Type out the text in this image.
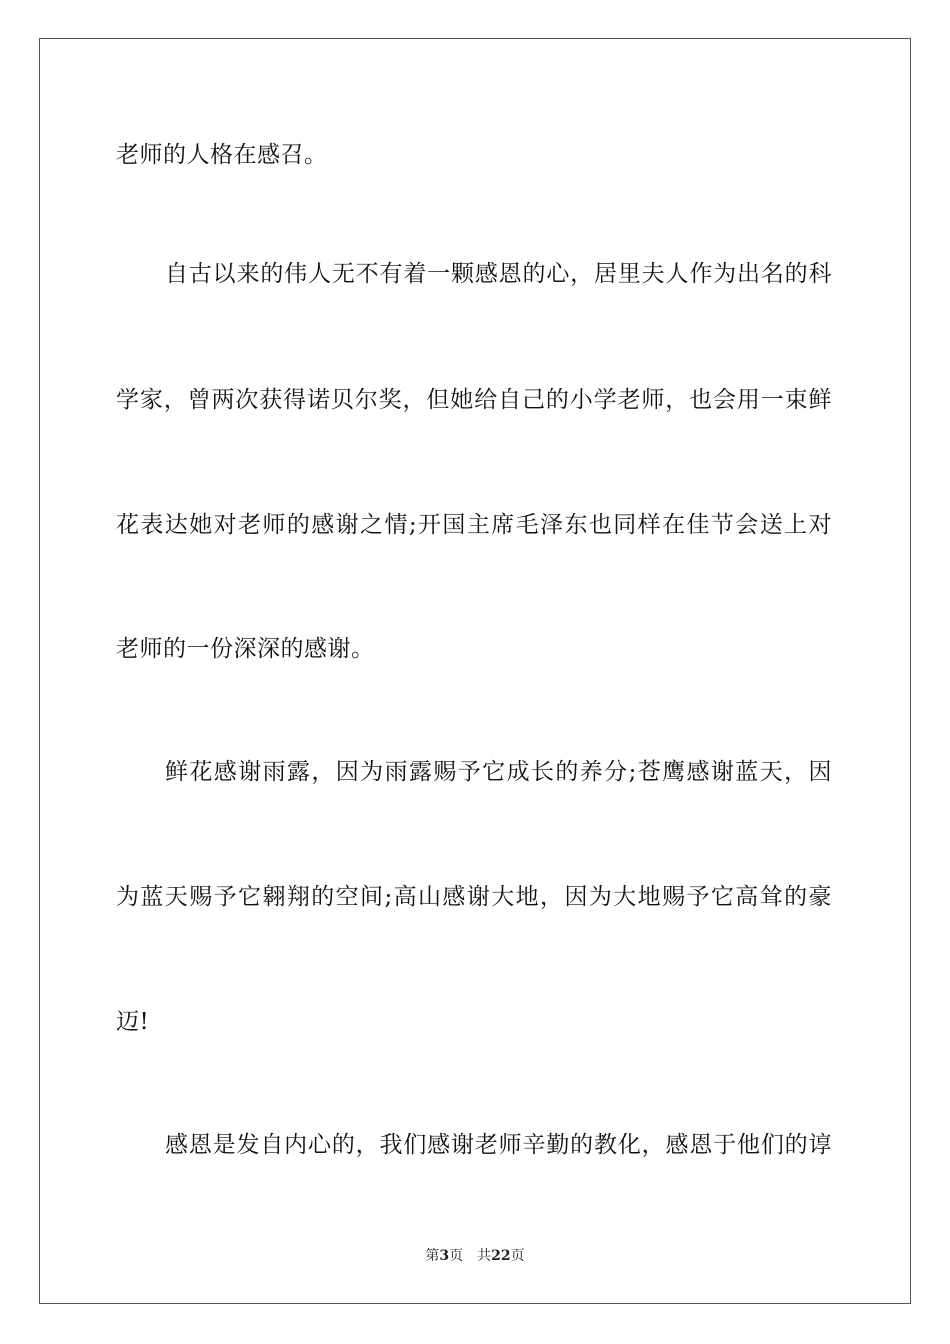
老师的人格在感召。
自古以来的伟人无不有着一颗感恩的心，居里夫人作为出名的科
学家，曾两次获得诺贝尔奖，但她给自己的小学老师，也会用一束鲜
花表达她对老师的感谢之情;开国主席毛泽东也同样在佳节会送上对
老师的一份深深的感谢。
鲜花感谢雨露，因为雨露赐予它成长的养分;苍鹰感谢蓝天，因
为蓝天赐予它翱翔的空间;高山感谢大地，因为大地赐予它高耸的豪
迈!
感恩是发自内心的，我们感谢老师辛勤的教化，感恩于他们的谆
第3页 共22页
